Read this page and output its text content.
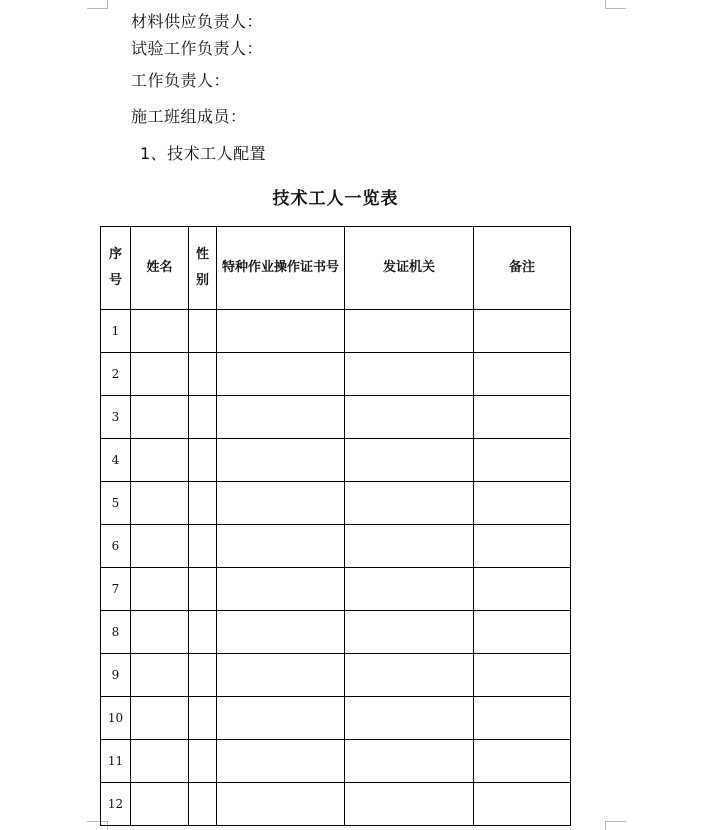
材料供应负责人：
试验工作负责人：
工作负责人：
施工班组成员：
1、技术工人配置
技术工人一览表
序号	姓名	性别	特种作业操作证书号	发证机关	备注
1					
2					
3					
4					
5					
6					
7					
8					
9					
10					
11					
12					
